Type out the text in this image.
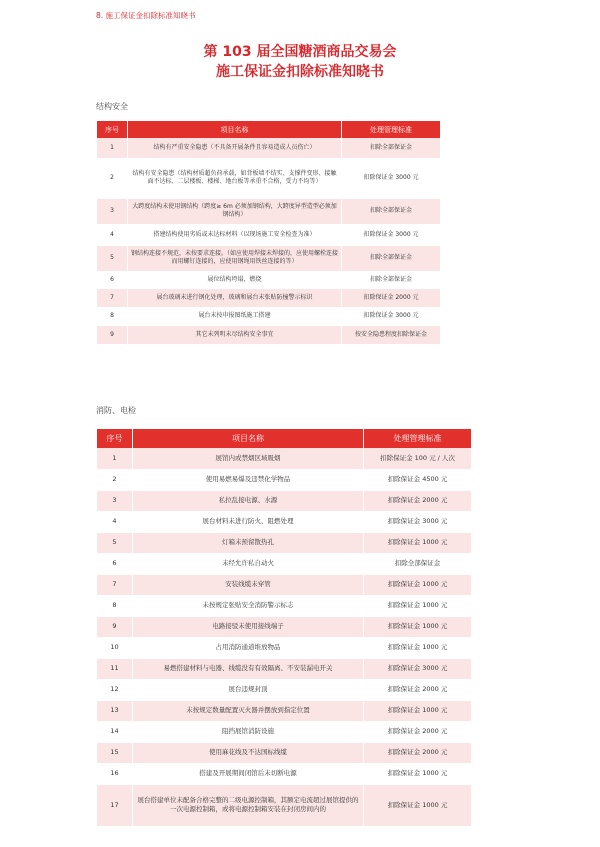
8. 施工保证金扣除标准知晓书
第 103 届全国糖酒商品交易会
施工保证金扣除标准知晓书
结构安全
序号	项目名称	处理管理标准
1	结构有严重安全隐患（不具备开展条件且容易造成人员伤亡）	扣除全部保证金
2	结构有安全隐患（结构材质超负荷承载，如背板墙不结实、支撑件变形、接触面不达标、二层楼板、楼梯、地台板等承重不合格，受力不均等）	扣除保证金 3000 元
3	大跨度结构未使用钢结构（跨度≥ 6m 必须加钢结构，大跨度异型造型必须加钢结构）	扣除全部保证金
4	搭建结构使用劣质或未达标材料（以现场施工安全检查为准）	扣除保证金 3000 元
5	钢结构连接不规范，未按要求连接。（如应使用焊接未焊接的，应使用螺栓连接而用螺钉连接的，应使用钢绳用铁丝连接的等）	扣除全部保证金
6	展位结构垮塌，燃烧	扣除全部保证金
7	展台玻璃未进行钢化处理，玻璃和展台未张贴防撞警示标识	扣除保证金 2000 元
8	展台未按申报图纸施工搭建	扣除保证金 3000 元
9	其它未列明未尽结构安全事宜	按安全隐患程度扣除保证金
消防、电检
序号	项目名称	处理管理标准
1	展馆内或禁烟区域吸烟	扣除保证金 100 元 / 人次
2	使用易燃易爆及违禁化学物品	扣除保证金 4500 元
3	私拉乱接电源、水源	扣除保证金 2000 元
4	展台材料未进行防火、阻燃处理	扣除保证金 3000 元
5	灯箱未预留散热孔	扣除保证金 1000 元
6	未经允许私自动火	扣除全部保证金
7	安装线缆未穿管	扣除保证金 1000 元
8	未按规定张贴安全消防警示标志	扣除保证金 1000 元
9	电路接驳未使用接线端子	扣除保证金 1000 元
10	占用消防通道堆放物品	扣除保证金 1000 元
11	易燃搭建材料与电器、线缆没有有效隔离、不安装漏电开关	扣除保证金 3000 元
12	展台违规封顶	扣除保证金 2000 元
13	未按规定数量配置灭火器并摆放到指定位置	扣除保证金 1000 元
14	阻挡展馆消防设施	扣除保证金 2000 元
15	使用麻花线及不达国标线缆	扣除保证金 2000 元
16	搭建及开展期间闭馆后未切断电源	扣除保证金 1000 元
17	展台搭建单位未配备合格完整的二级电源控制箱，其额定电流超过展馆提供的一次电源控制箱，或将电源控制箱安装在封闭房间内的	扣除保证金 1000 元
